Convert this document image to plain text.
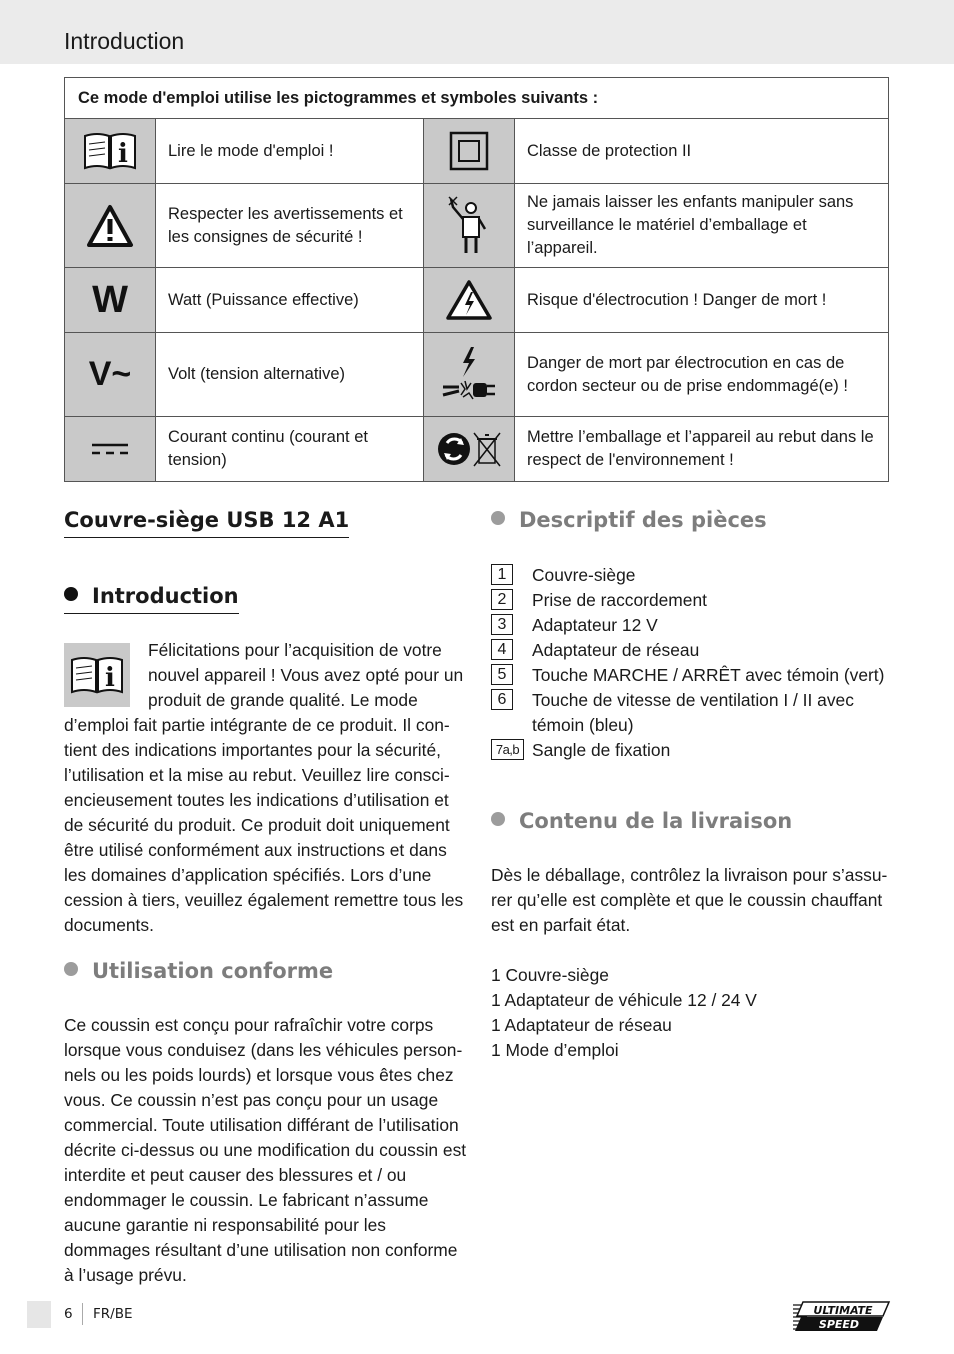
Introduction
Ce mode d'emploi utilise les pictogrammes et symboles suivants :			

i	Lire le mode d'emploi !		Classe de protection II
	Respecter les avertissements et les consignes de sécurité !		Ne jamais laisser les enfants manipuler sans surveillance le matériel d’emballage et l’appareil.
W	Watt (Puissance effective)		Risque d'électrocution ! Danger de mort !
V~	Volt (tension alternative)		Danger de mort par électrocution en cas de cordon secteur ou de prise endommagé(e) !
	Courant continu (courant et tension)		Mettre l’emballage et l’appareil au rebut dans le respect de l'environnement !
Couvre-siège USB 12 A1
Introduction
i
Félicitations pour l’acquisition de votre nouvel appareil ! Vous avez opté pour un produit de grande qualité. Le mode
d’emploi fait partie intégrante de ce produit. Il contient des indications importantes pour la sécurité, l’utilisation et la mise au rebut. Veuillez lire consciencieusement toutes les indications d’utilisation et de sécurité du produit. Ce produit doit uniquement être utilisé conformément aux instructions et dans les domaines d’application spécifiés. Lors d’une cession à tiers, veuillez également remettre tous les documents.
Utilisation conforme
Ce coussin est conçu pour rafraîchir votre corps lorsque vous conduisez (dans les véhicules personnels ou les poids lourds) et lorsque vous êtes chez vous. Ce coussin n’est pas conçu pour un usage commercial. Toute utilisation différant de l’utilisation décrite ci-dessus ou une modification du coussin est interdite et peut causer des blessures et / ou endommager le coussin. Le fabricant n’assume aucune garantie ni responsabilité pour les dommages résultant d’une utilisation non conforme à l’usage prévu.
Descriptif des pièces
1	Couvre-siège
2	Prise de raccordement
3	Adaptateur 12 V
4	Adaptateur de réseau
5	Touche MARCHE / ARRÊT avec témoin (vert)
6	Touche de vitesse de ventilation I / II avec témoin (bleu)
7a,b Sangle de fixation
Contenu de la livraison
Dès le déballage, contrôlez la livraison pour s’assurer qu’elle est complète et que le coussin chauffant est en parfait état.

1 Couvre-siège

1 Adaptateur de véhicule 12 / 24 V

1 Adaptateur de réseau

1 Mode d’emploi

6 FR/BE	ULTIMATE
SPEED
